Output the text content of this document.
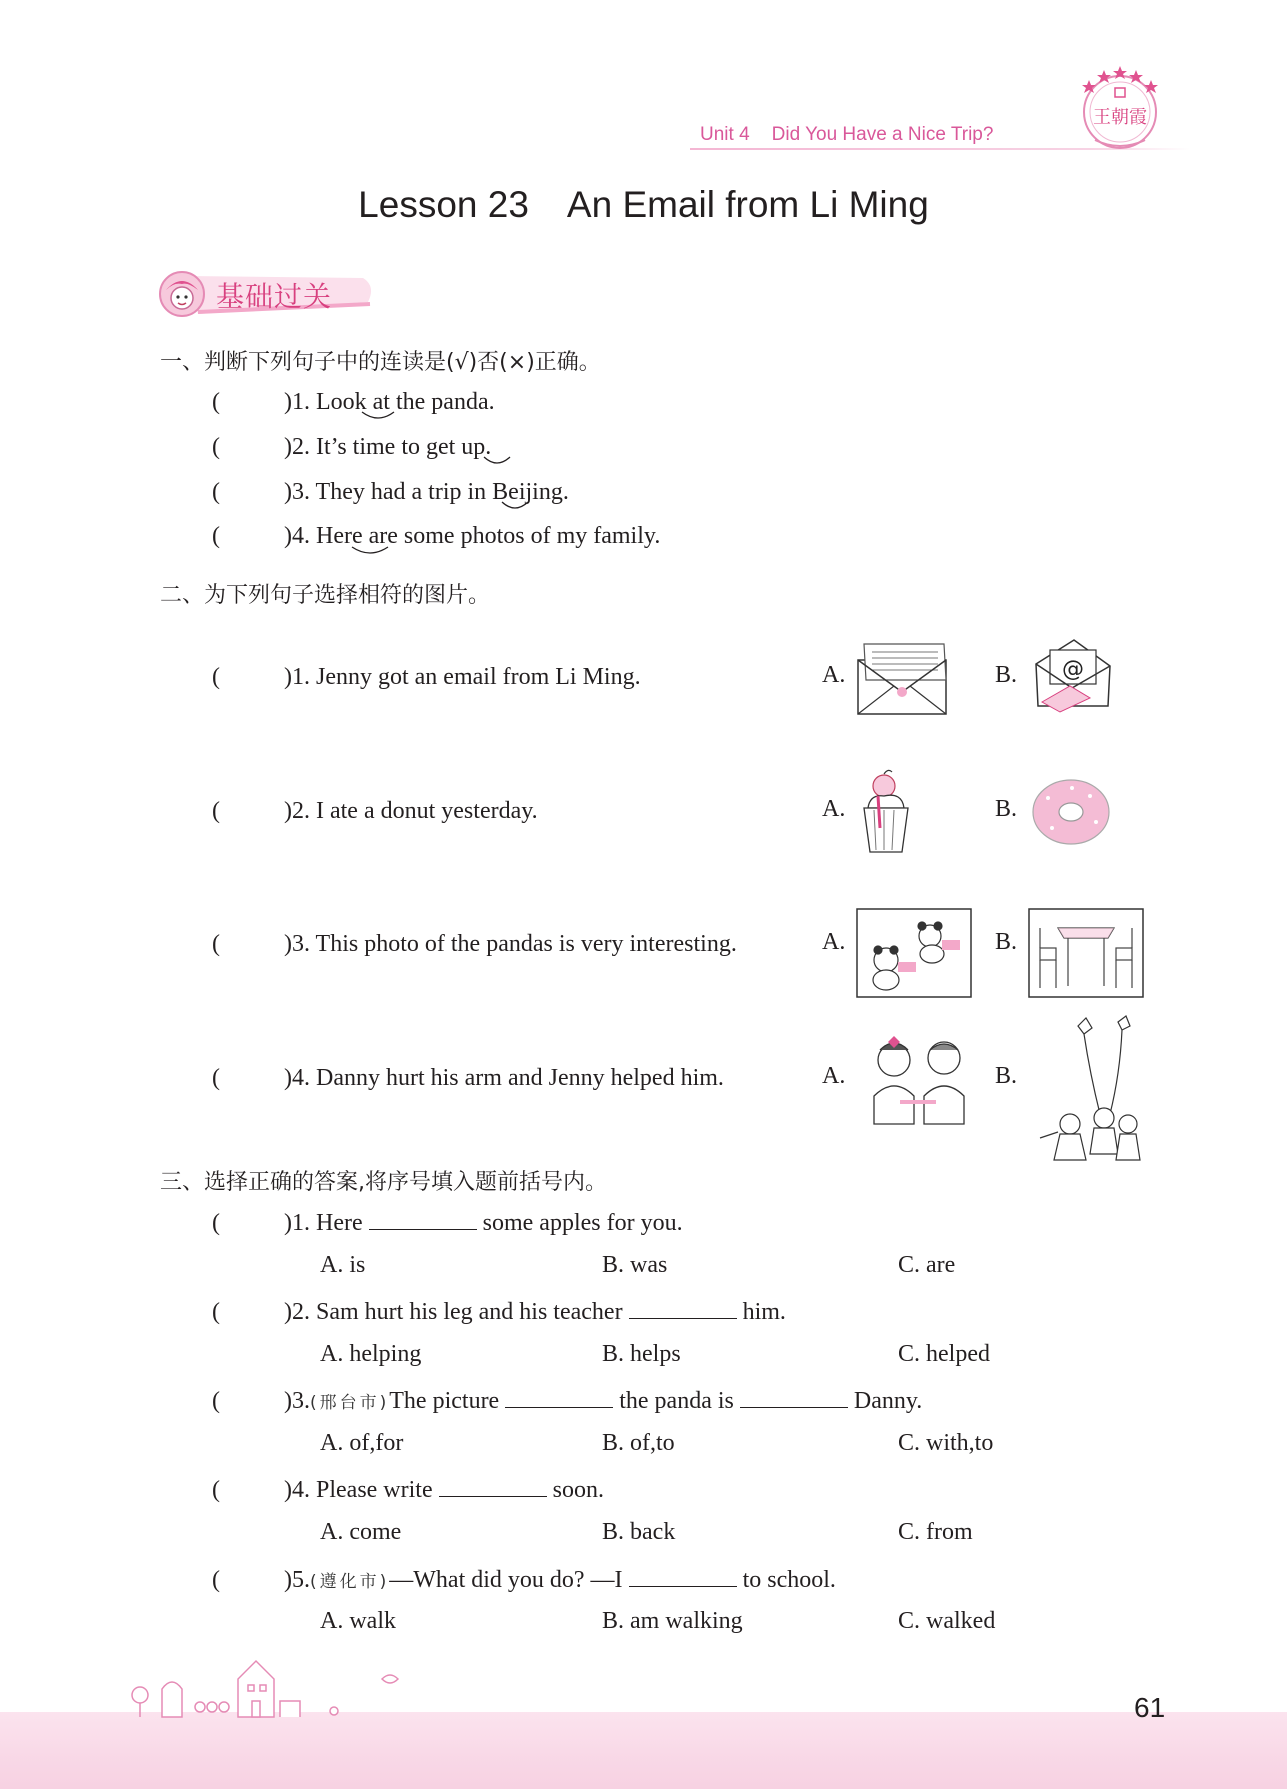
Unit 4 Did You Have a Nice Trip?
王朝霞
Lesson 23 An Email from Li Ming
基础过关
一、判断下列句子中的连读是(√)否(×)正确。
(	)1. Look at the panda.
(	)2. It’s time to get up.
(	)3. They had a trip in Beijing.
(	)4. Here are some photos of my family.
二、为下列句子选择相符的图片。
(	)1. Jenny got an email from Li Ming.	A.	B. @
(	)2. I ate a donut yesterday.	A.	B.
(	)3. This photo of the pandas is very interesting.	A.	B.
(	)4. Danny hurt his arm and Jenny helped him.	A.	B.
三、选择正确的答案,将序号填入题前括号内。
(	)1. Here	some apples for you.
A. is	B. was	C. are
(	)2. Sam hurt his leg and his teacher	him.
A. helping	B. helps	C. helped
(	)3.(邢台市)The picture	the panda is	Danny.
A. of,for	B. of,to	C. with,to
(	)4. Please write	soon.
A. come	B. back	C. from
(	)5.(遵化市)—What did you do? —I	to school.
A. walk	B. am walking	C. walked
61
